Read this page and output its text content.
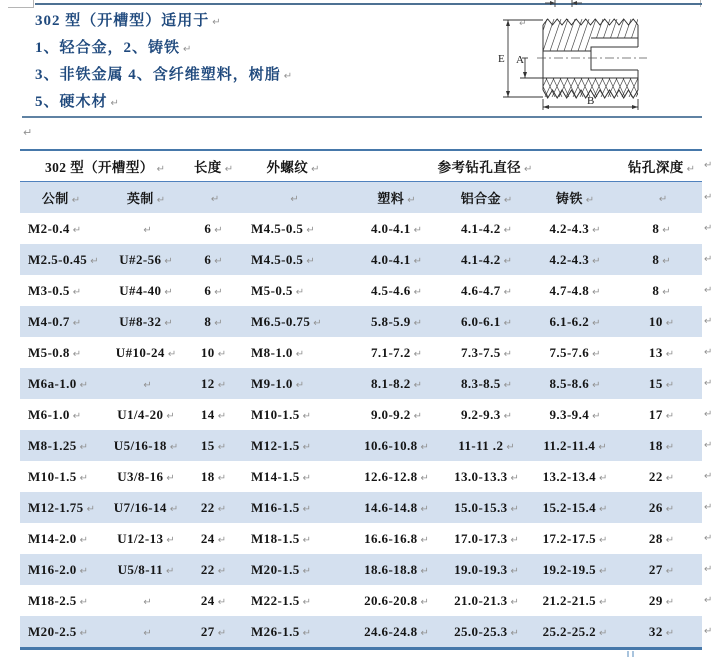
302 型（开槽型）适用于 ↵
1、轻合金，2、铸铁 ↵
3、非铁金属 4、含纤维塑料，树脂 ↵
5、硬木材 ↵
↵
E A
B
↵
302 型（开槽型） ↵		长度 ↵	外螺纹 ↵	参考钻孔直径 ↵			钻孔深度 ↵
公制 ↵	英制 ↵	↵	↵	塑料 ↵	铝合金 ↵	铸铁 ↵	↵
M2-0.4 ↵	↵	6 ↵	M4.5-0.5 ↵	4.0-4.1 ↵	4.1-4.2 ↵	4.2-4.3 ↵	8 ↵
M2.5-0.45 ↵	U#2-56 ↵	6 ↵	M4.5-0.5 ↵	4.0-4.1 ↵	4.1-4.2 ↵	4.2-4.3 ↵	8 ↵
M3-0.5 ↵	U#4-40 ↵	6 ↵	M5-0.5 ↵	4.5-4.6 ↵	4.6-4.7 ↵	4.7-4.8 ↵	8 ↵
M4-0.7 ↵	U#8-32 ↵	8 ↵	M6.5-0.75 ↵	5.8-5.9 ↵	6.0-6.1 ↵	6.1-6.2 ↵	10 ↵
M5-0.8 ↵	U#10-24 ↵	10 ↵	M8-1.0 ↵	7.1-7.2 ↵	7.3-7.5 ↵	7.5-7.6 ↵	13 ↵
M6a-1.0 ↵	↵	12 ↵	M9-1.0 ↵	8.1-8.2 ↵	8.3-8.5 ↵	8.5-8.6 ↵	15 ↵
M6-1.0 ↵	U1/4-20 ↵	14 ↵	M10-1.5 ↵	9.0-9.2 ↵	9.2-9.3 ↵	9.3-9.4 ↵	17 ↵
M8-1.25 ↵	U5/16-18 ↵	15 ↵	M12-1.5 ↵	10.6-10.8 ↵	11-11 .2 ↵	11.2-11.4 ↵	18 ↵
M10-1.5 ↵	U3/8-16 ↵	18 ↵	M14-1.5 ↵	12.6-12.8 ↵	13.0-13.3 ↵	13.2-13.4 ↵	22 ↵
M12-1.75 ↵	U7/16-14 ↵	22 ↵	M16-1.5 ↵	14.6-14.8 ↵	15.0-15.3 ↵	15.2-15.4 ↵	26 ↵
M14-2.0 ↵	U1/2-13 ↵	24 ↵	M18-1.5 ↵	16.6-16.8 ↵	17.0-17.3 ↵	17.2-17.5 ↵	28 ↵
M16-2.0 ↵	U5/8-11 ↵	22 ↵	M20-1.5 ↵	18.6-18.8 ↵	19.0-19.3 ↵	19.2-19.5 ↵	27 ↵
M18-2.5 ↵	↵	24 ↵	M22-1.5 ↵	20.6-20.8 ↵	21.0-21.3 ↵	21.2-21.5 ↵	29 ↵
M20-2.5 ↵	↵	27 ↵	M26-1.5 ↵	24.6-24.8 ↵	25.0-25.3 ↵	25.2-25.2 ↵	32 ↵
↵
↵
↵
↵
↵
↵
↵
↵
↵
↵
↵
↵
↵
↵
↵
↵
